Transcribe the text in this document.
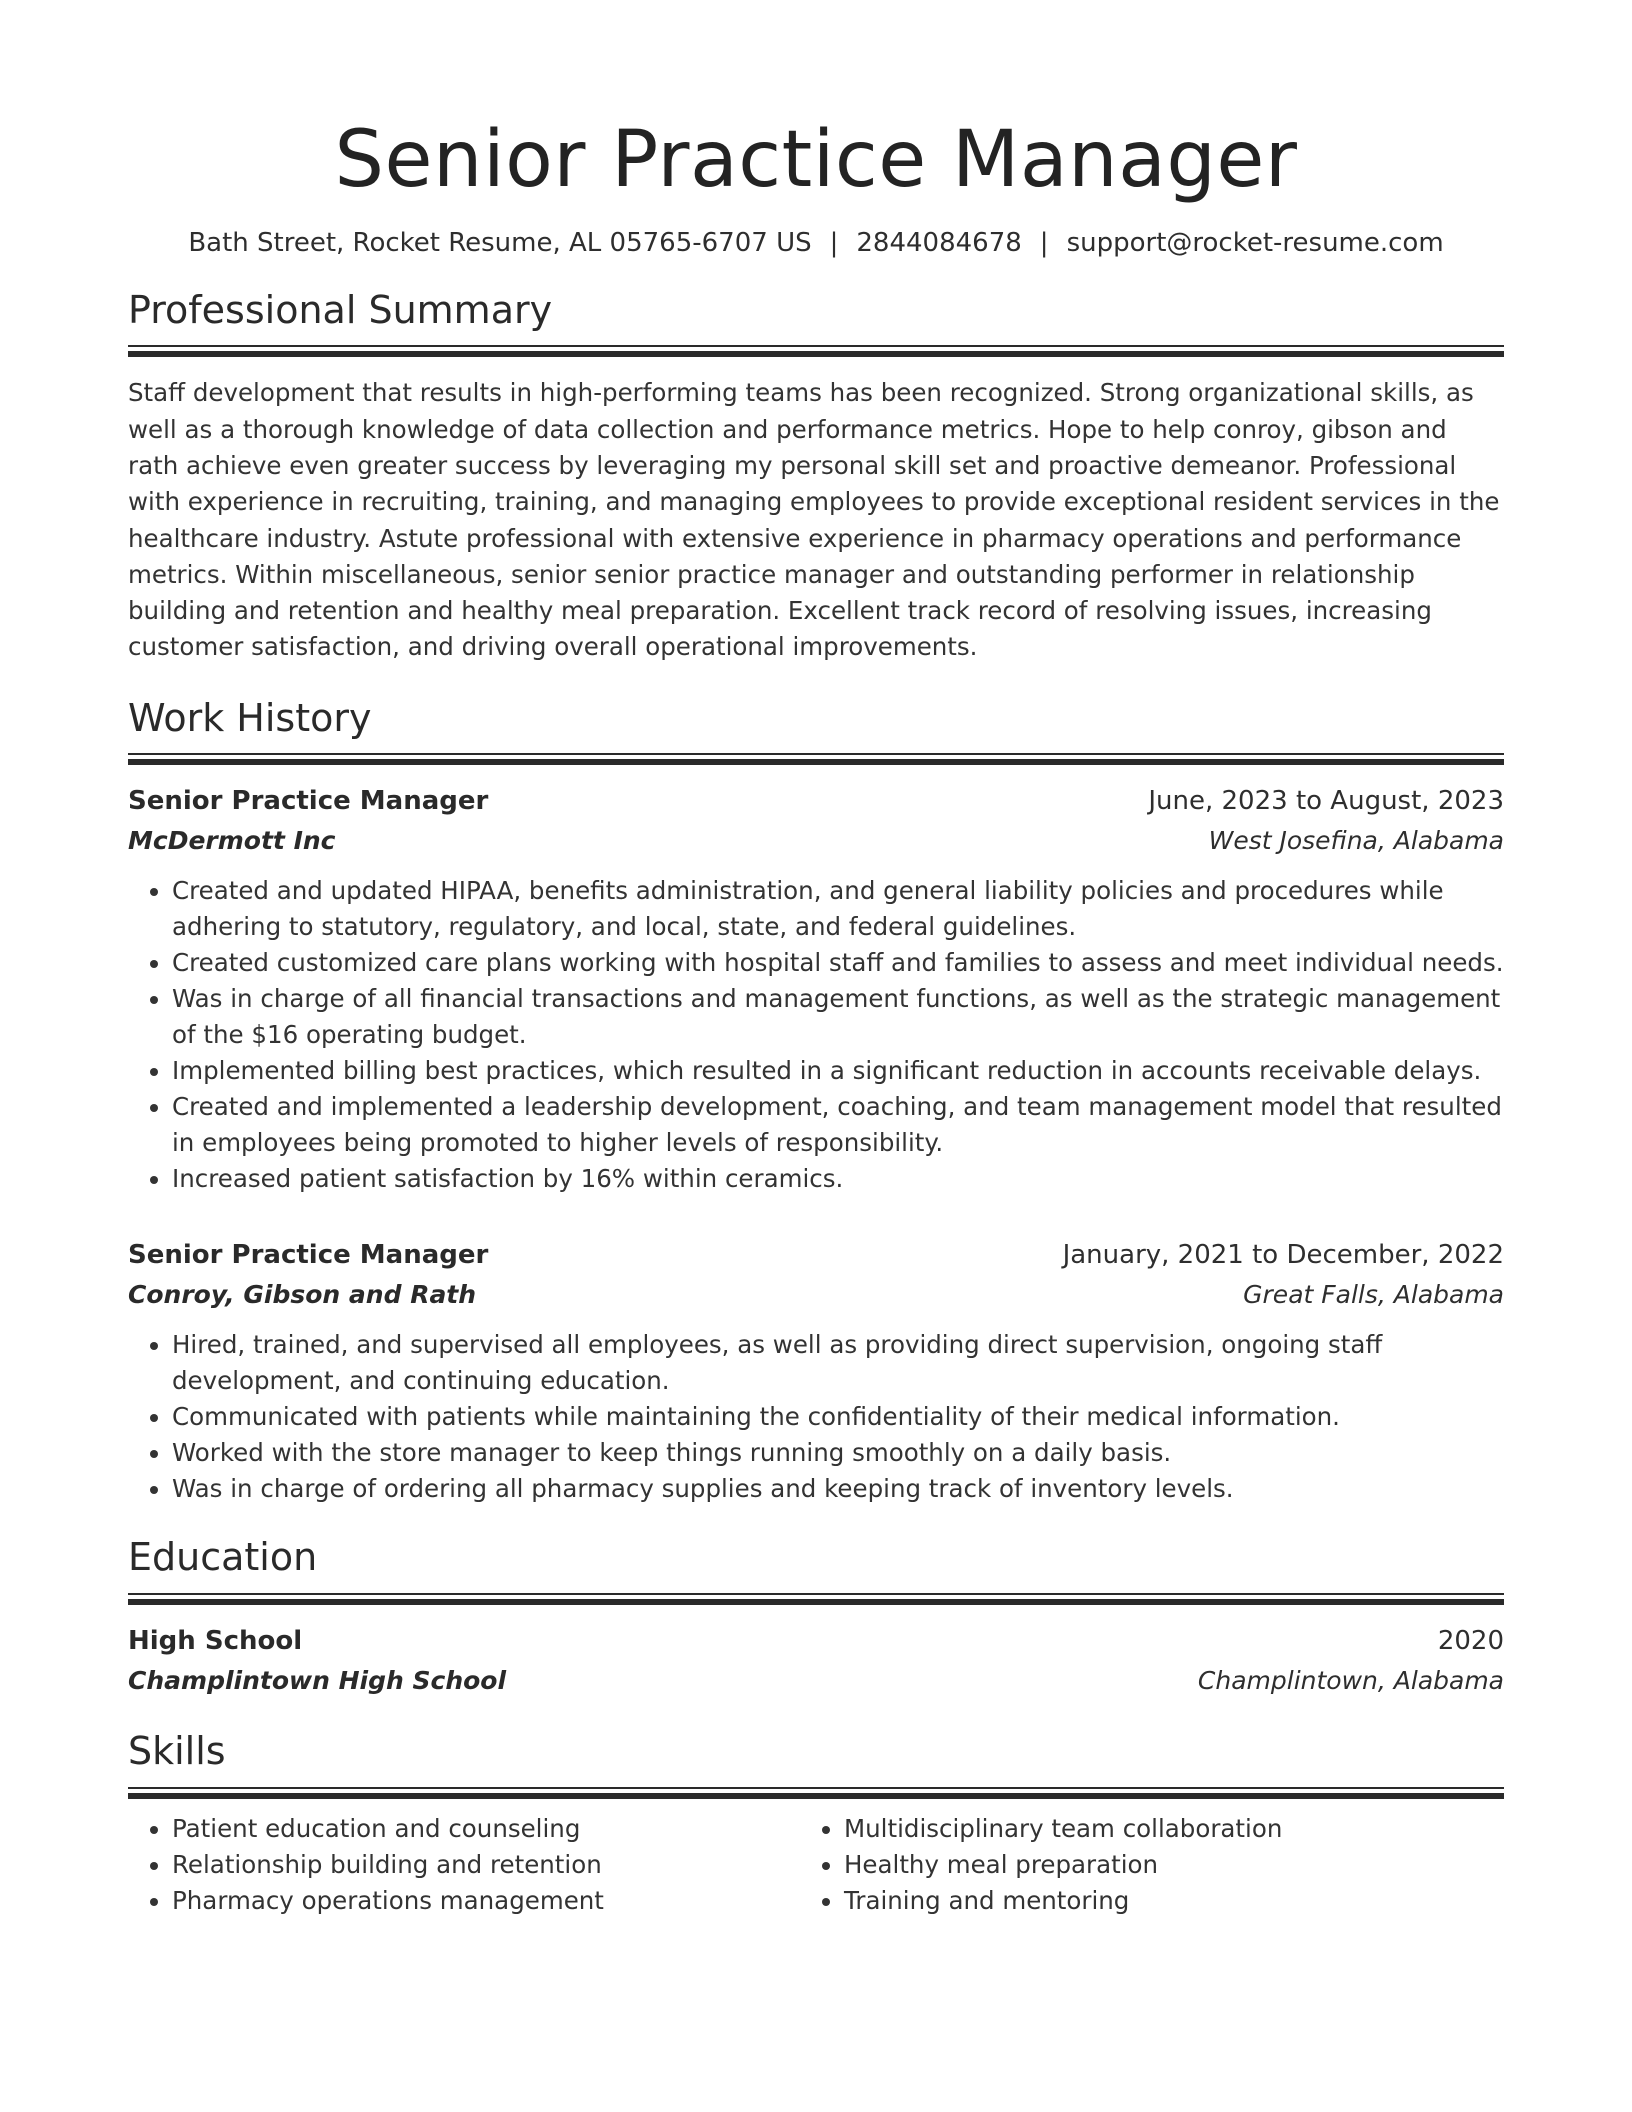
Senior Practice Manager
Bath Street, Rocket Resume, AL 05765-6707 US | 2844084678 | support@rocket-resume.com
Professional Summary
Staff development that results in high-performing teams has been recognized. Strong organizational skills, as well as a thorough knowledge of data collection and performance metrics. Hope to help conroy, gibson and rath achieve even greater success by leveraging my personal skill set and proactive demeanor. Professional with experience in recruiting, training, and managing employees to provide exceptional resident services in the healthcare industry. Astute professional with extensive experience in pharmacy operations and performance metrics. Within miscellaneous, senior senior practice manager and outstanding performer in relationship building and retention and healthy meal preparation. Excellent track record of resolving issues, increasing customer satisfaction, and driving overall operational improvements.
Work History
Senior Practice Manager	June, 2023 to August, 2023
McDermott Inc	West Josefina, Alabama
• Created and updated HIPAA, benefits administration, and general liability policies and procedures while adhering to statutory, regulatory, and local, state, and federal guidelines.
• Created customized care plans working with hospital staff and families to assess and meet individual needs.
• Was in charge of all financial transactions and management functions, as well as the strategic management of the $16 operating budget.
• Implemented billing best practices, which resulted in a significant reduction in accounts receivable delays.
• Created and implemented a leadership development, coaching, and team management model that resulted in employees being promoted to higher levels of responsibility.
• Increased patient satisfaction by 16% within ceramics.
Senior Practice Manager	January, 2021 to December, 2022
Conroy, Gibson and Rath	Great Falls, Alabama
• Hired, trained, and supervised all employees, as well as providing direct supervision, ongoing staff development, and continuing education.
• Communicated with patients while maintaining the confidentiality of their medical information.
• Worked with the store manager to keep things running smoothly on a daily basis.
• Was in charge of ordering all pharmacy supplies and keeping track of inventory levels.
Education
High School	2020
Champlintown High School	Champlintown, Alabama
Skills
• Patient education and counseling
• Relationship building and retention
• Pharmacy operations management
• Multidisciplinary team collaboration
• Healthy meal preparation
• Training and mentoring
